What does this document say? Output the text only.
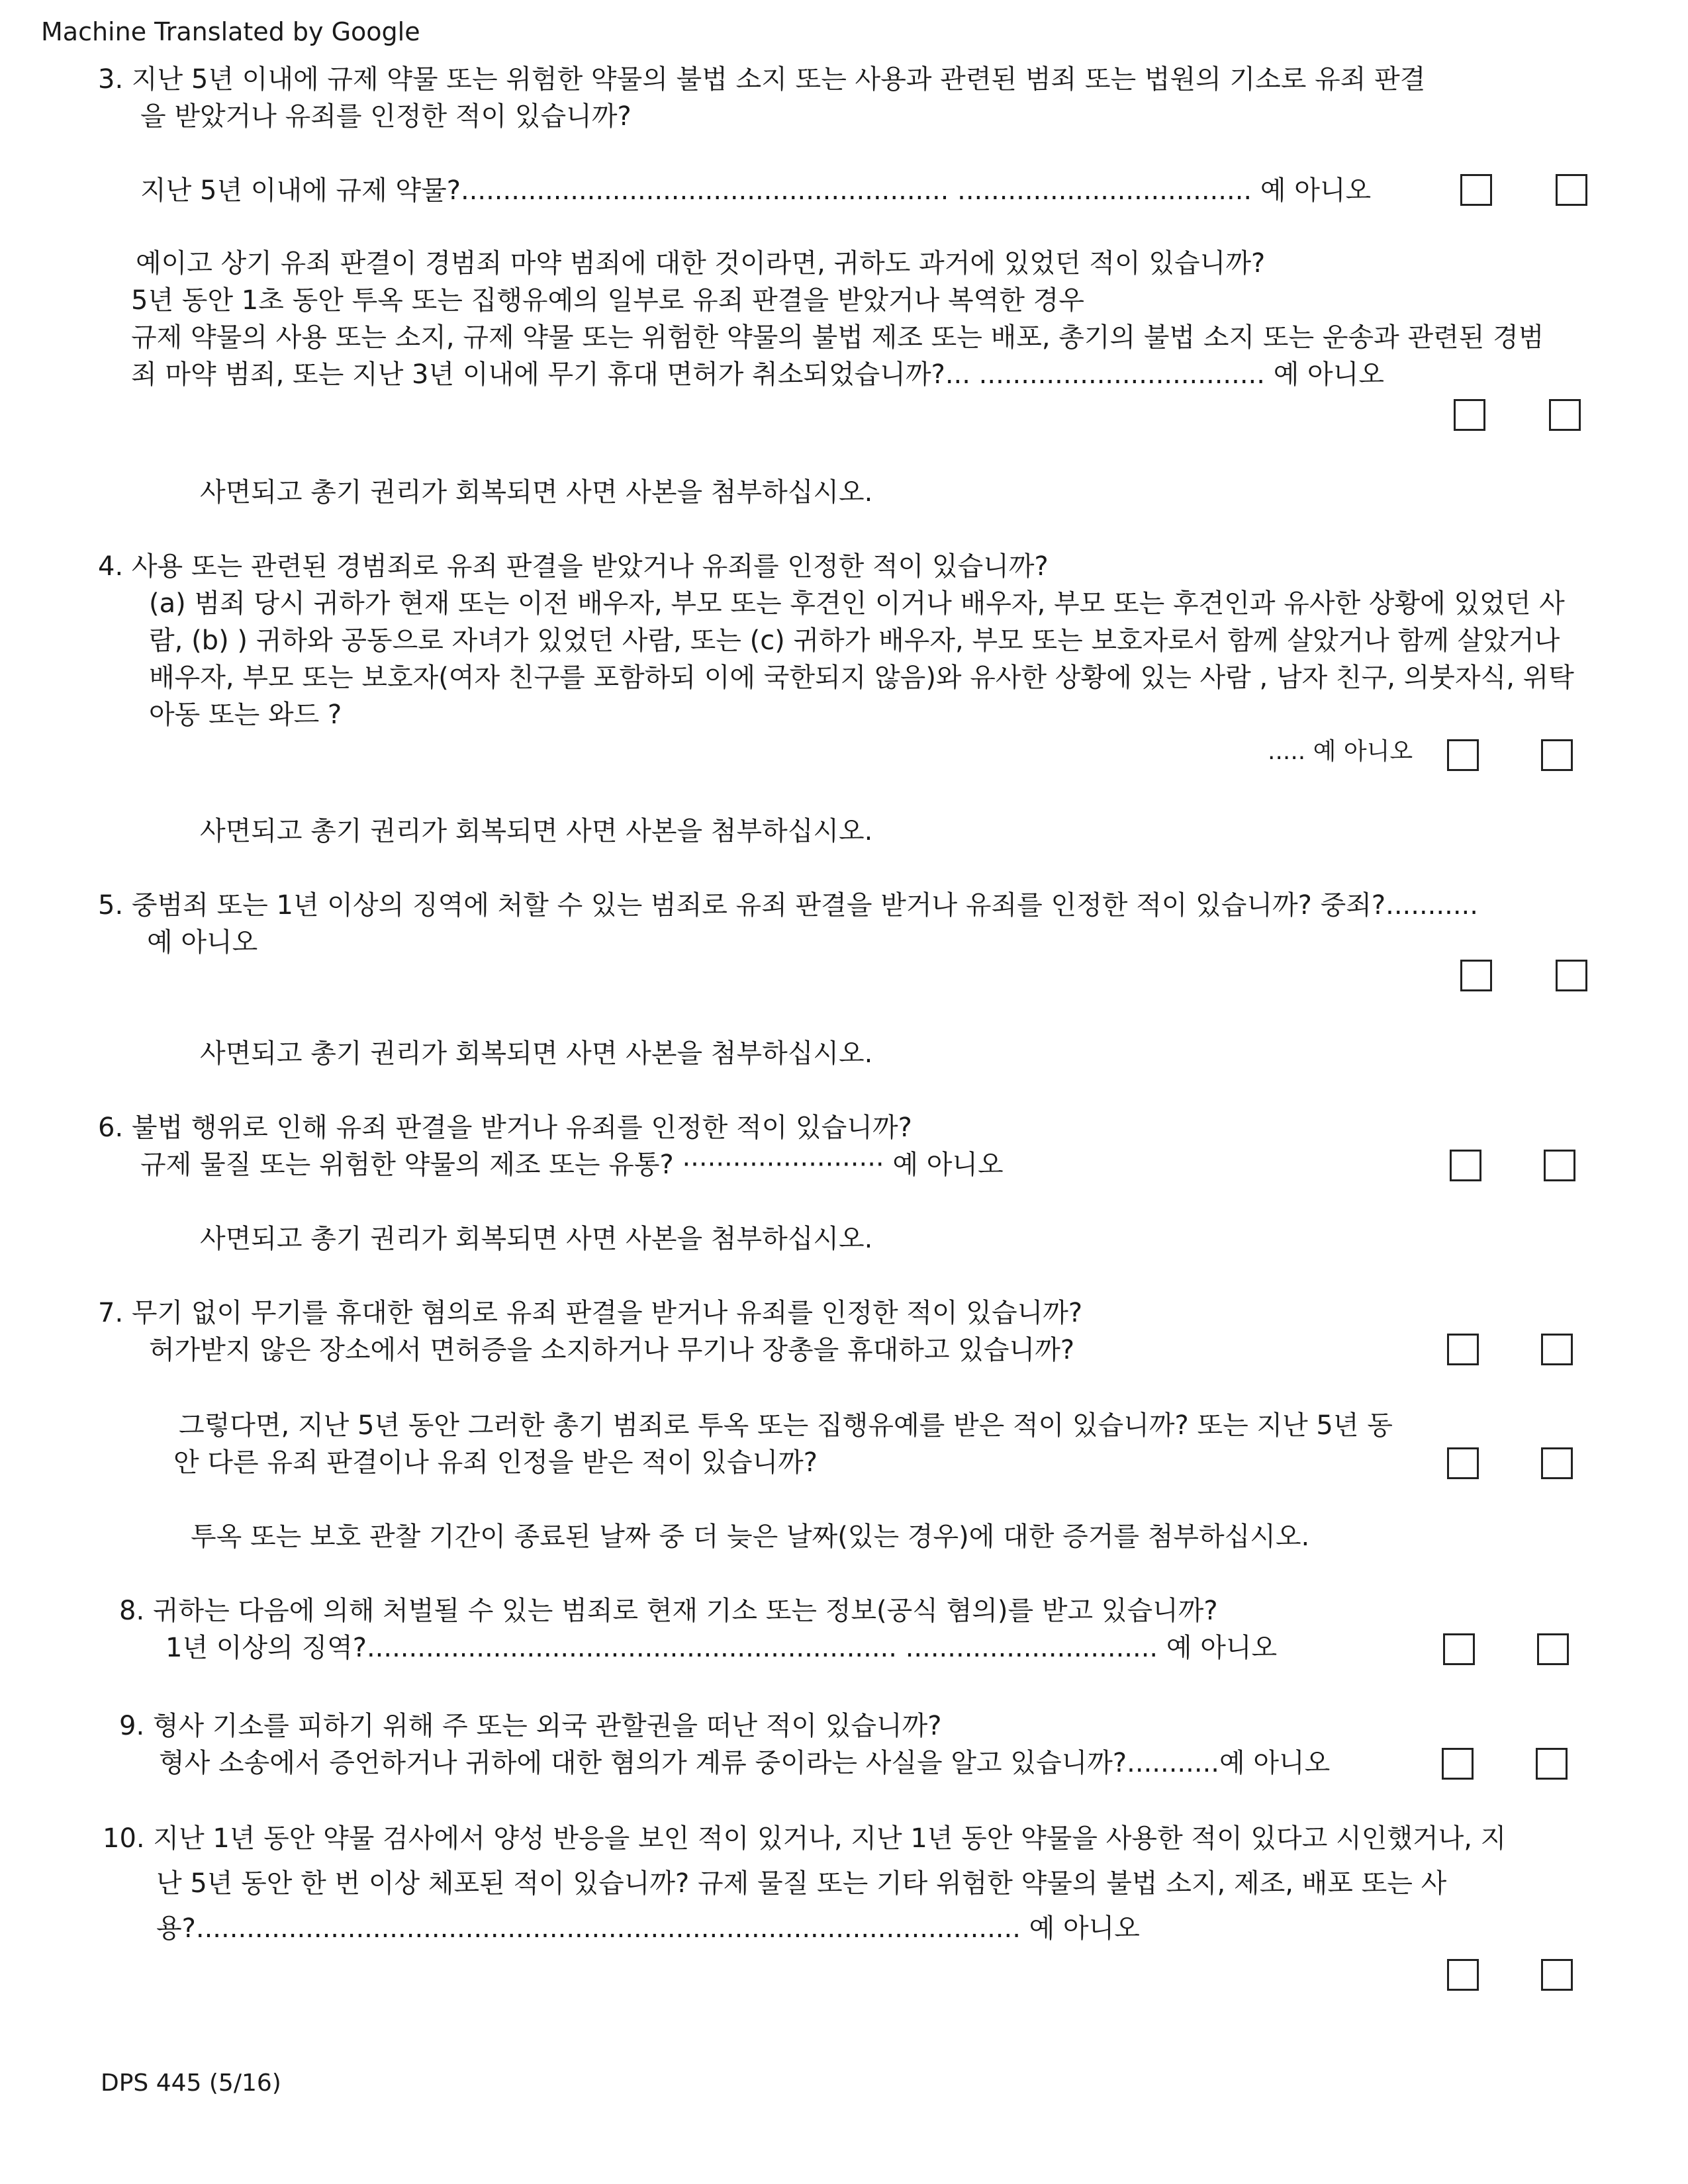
Machine Translated by Google
3. 지난 5년 이내에 규제 약물 또는 위험한 약물의 불법 소지 또는 사용과 관련된 범죄 또는 법원의 기소로 유죄 판결
을 받았거나 유죄를 인정한 적이 있습니까?
지난 5년 이내에 규제 약물?.......................................................... ................................... 예 아니오
예이고 상기 유죄 판결이 경범죄 마약 범죄에 대한 것이라면, 귀하도 과거에 있었던 적이 있습니까?
5년 동안 1초 동안 투옥 또는 집행유예의 일부로 유죄 판결을 받았거나 복역한 경우
규제 약물의 사용 또는 소지, 규제 약물 또는 위험한 약물의 불법 제조 또는 배포, 총기의 불법 소지 또는 운송과 관련된 경범
죄 마약 범죄, 또는 지난 3년 이내에 무기 휴대 면허가 취소되었습니까?... .................................. 예 아니오
사면되고 총기 권리가 회복되면 사면 사본을 첨부하십시오.
4. 사용 또는 관련된 경범죄로 유죄 판결을 받았거나 유죄를 인정한 적이 있습니까?
(a) 범죄 당시 귀하가 현재 또는 이전 배우자, 부모 또는 후견인 이거나 배우자, 부모 또는 후견인과 유사한 상황에 있었던 사
람, (b) ) 귀하와 공동으로 자녀가 있었던 사람, 또는 (c) 귀하가 배우자, 부모 또는 보호자로서 함께 살았거나 함께 살았거나
배우자, 부모 또는 보호자(여자 친구를 포함하되 이에 국한되지 않음)와 유사한 상황에 있는 사람 , 남자 친구, 의붓자식, 위탁
아동 또는 와드 ?
..... 예 아니오
사면되고 총기 권리가 회복되면 사면 사본을 첨부하십시오.
5. 중범죄 또는 1년 이상의 징역에 처할 수 있는 범죄로 유죄 판결을 받거나 유죄를 인정한 적이 있습니까? 중죄?...........
예 아니오
사면되고 총기 권리가 회복되면 사면 사본을 첨부하십시오.
6. 불법 행위로 인해 유죄 판결을 받거나 유죄를 인정한 적이 있습니까?
규제 물질 또는 위험한 약물의 제조 또는 유통? ························ 예 아니오
사면되고 총기 권리가 회복되면 사면 사본을 첨부하십시오.
7. 무기 없이 무기를 휴대한 혐의로 유죄 판결을 받거나 유죄를 인정한 적이 있습니까?
허가받지 않은 장소에서 면허증을 소지하거나 무기나 장총을 휴대하고 있습니까?
그렇다면, 지난 5년 동안 그러한 총기 범죄로 투옥 또는 집행유예를 받은 적이 있습니까? 또는 지난 5년 동
안 다른 유죄 판결이나 유죄 인정을 받은 적이 있습니까?
투옥 또는 보호 관찰 기간이 종료된 날짜 중 더 늦은 날짜(있는 경우)에 대한 증거를 첨부하십시오.
8. 귀하는 다음에 의해 처벌될 수 있는 범죄로 현재 기소 또는 정보(공식 혐의)를 받고 있습니까?
1년 이상의 징역?............................................................... .............................. 예 아니오
9. 형사 기소를 피하기 위해 주 또는 외국 관할권을 떠난 적이 있습니까?
형사 소송에서 증언하거나 귀하에 대한 혐의가 계류 중이라는 사실을 알고 있습니까?...........예 아니오
10. 지난 1년 동안 약물 검사에서 양성 반응을 보인 적이 있거나, 지난 1년 동안 약물을 사용한 적이 있다고 시인했거나, 지
난 5년 동안 한 번 이상 체포된 적이 있습니까? 규제 물질 또는 기타 위험한 약물의 불법 소지, 제조, 배포 또는 사
용?.................................................................................................. 예 아니오
DPS 445 (5/16)
